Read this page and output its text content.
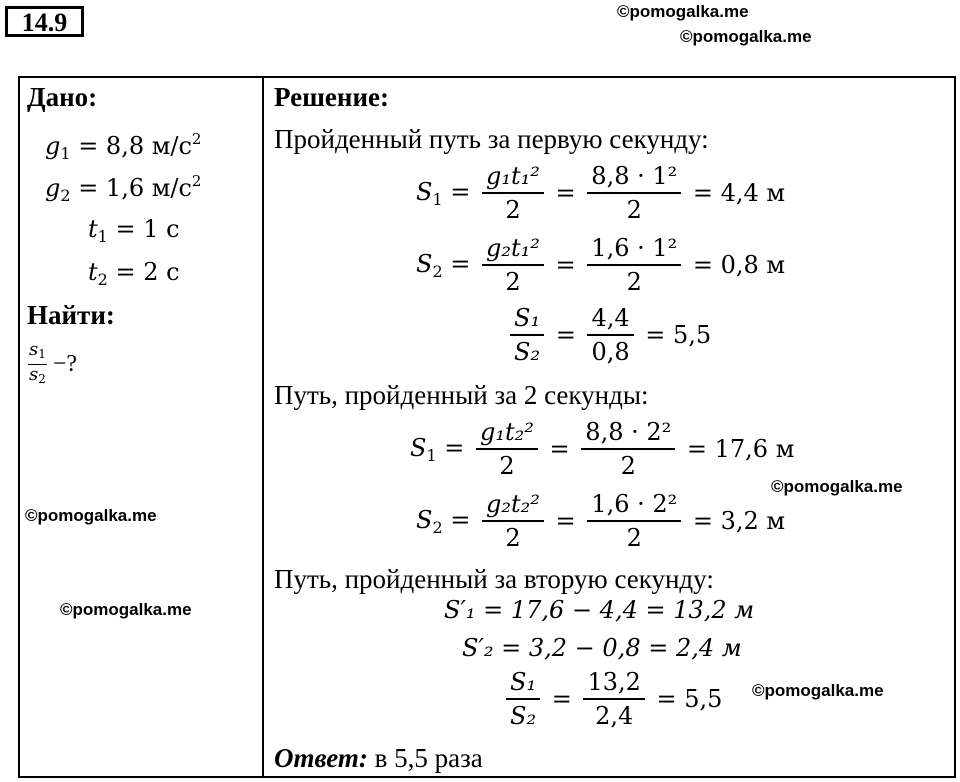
14.9	©pomogalka.me
©pomogalka.me
©pomogalka.me
©pomogalka.me
©pomogalka.me
©pomogalka.me
Дано:
$g_1 = 8,8$ $м/с^2$
$g_2 = 1,6$ $м/с^2$
$t_1 = 1$ с
$t_2 = 2$ с
Найти:
$\frac{s_1}{s_2}$ −?
Решение:
Пройденный путь за первую секунду:
$S_1 = \frac{\text{g₁t₁²}}{2} = \frac{\text{8,8 · 1²}}{2} = 4,4$ м
$S_2 = \frac{\text{g₂t₁²}}{2} = \frac{\text{1,6 · 1²}}{2} = 0,8$ м
$\frac{\text{S₁}}{\text{S₂}} = \frac{4,4}{0,8} = 5,5$
Путь, пройденный за 2 секунды:
$S_1 = \frac{\text{g₁t₂²}}{2} = \frac{\text{8,8 · 2²}}{2} = 17,6$ м
$S_2 = \frac{\text{g₂t₂²}}{2} = \frac{\text{1,6 · 2²}}{2} = 3,2$ м
Путь, пройденный за вторую секунду:
S′₁ = 17,6 − 4,4 = 13,2 м
S′₂ = 3,2 − 0,8 = 2,4 м
$\frac{\text{S₁}}{\text{S₂}} = \frac{13,2}{2,4} = 5,5$
Ответ: в 5,5 раза
